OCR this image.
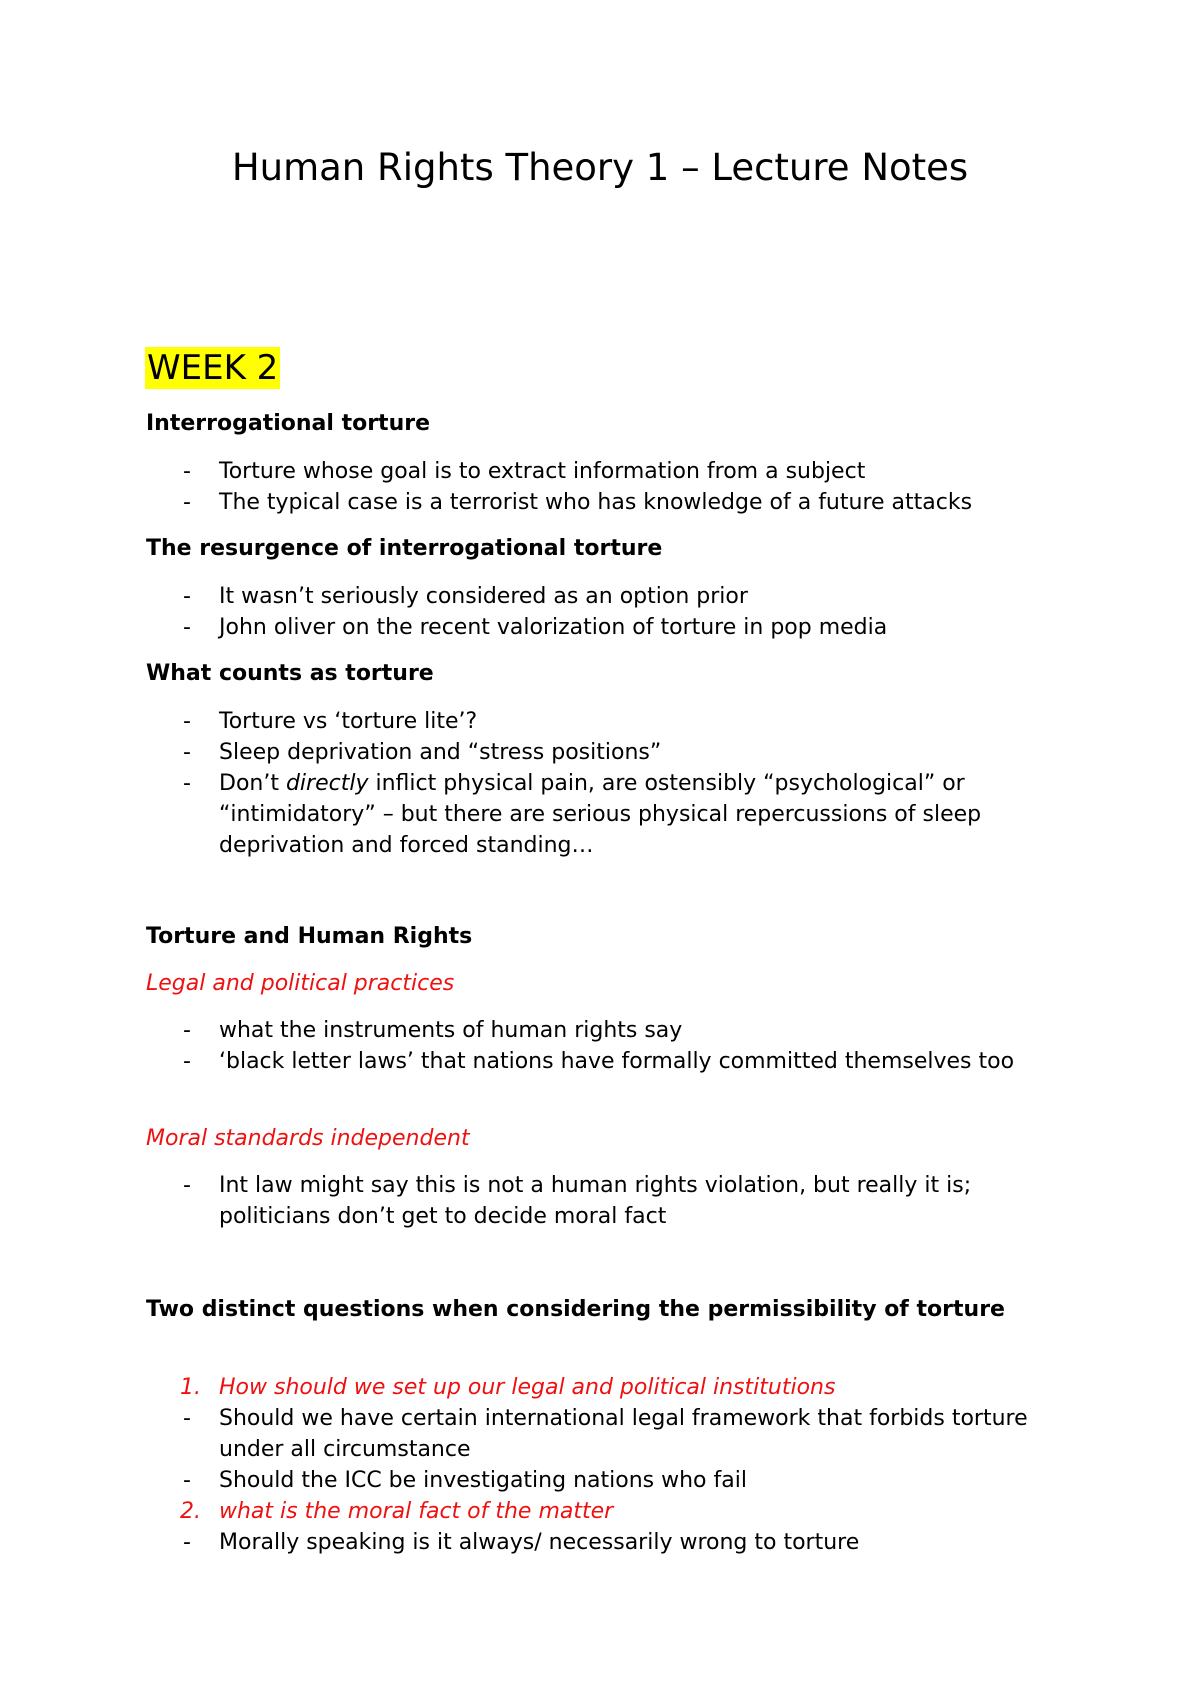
Human Rights Theory 1 – Lecture Notes
WEEK 2
Interrogational torture
- Torture whose goal is to extract information from a subject
- The typical case is a terrorist who has knowledge of a future attacks
The resurgence of interrogational torture
- It wasn’t seriously considered as an option prior
- John oliver on the recent valorization of torture in pop media
What counts as torture
- Torture vs ‘torture lite’?
- Sleep deprivation and “stress positions”
- Don’t directly inflict physical pain, are ostensibly “psychological” or “intimidatory” – but there are serious physical repercussions of sleep deprivation and forced standing…
Torture and Human Rights
Legal and political practices
- what the instruments of human rights say
- ‘black letter laws’ that nations have formally committed themselves too
Moral standards independent
- Int law might say this is not a human rights violation, but really it is; politicians don’t get to decide moral fact
Two distinct questions when considering the permissibility of torture
1. How should we set up our legal and political institutions
- Should we have certain international legal framework that forbids torture under all circumstance
- Should the ICC be investigating nations who fail
2. what is the moral fact of the matter
- Morally speaking is it always/ necessarily wrong to torture
